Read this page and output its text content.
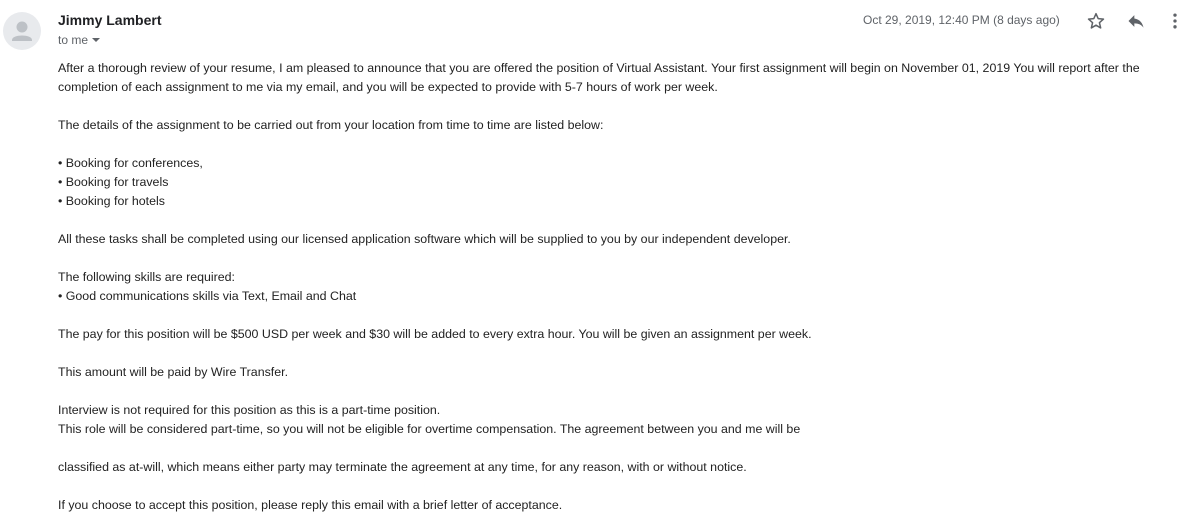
Jimmy Lambert
to me
Oct 29, 2019, 12:40 PM (8 days ago)

After a thorough review of your resume, I am pleased to announce that you are offered the position of Virtual Assistant. Your first assignment will begin on November 01, 2019 You will report after the completion of each assignment to me via my email, and you will be expected to provide with 5-7 hours of work per week.

The details of the assignment to be carried out from your location from time to time are listed below:

• Booking for conferences,

• Booking for travels

• Booking for hotels

All these tasks shall be completed using our licensed application software which will be supplied to you by our independent developer.

The following skills are required:

• Good communications skills via Text, Email and Chat

The pay for this position will be $500 USD per week and $30 will be added to every extra hour. You will be given an assignment per week.

This amount will be paid by Wire Transfer.

Interview is not required for this position as this is a part-time position.

This role will be considered part-time, so you will not be eligible for overtime compensation. The agreement between you and me will be

classified as at-will, which means either party may terminate the agreement at any time, for any reason, with or without notice.

If you choose to accept this position, please reply this email with a brief letter of acceptance.
